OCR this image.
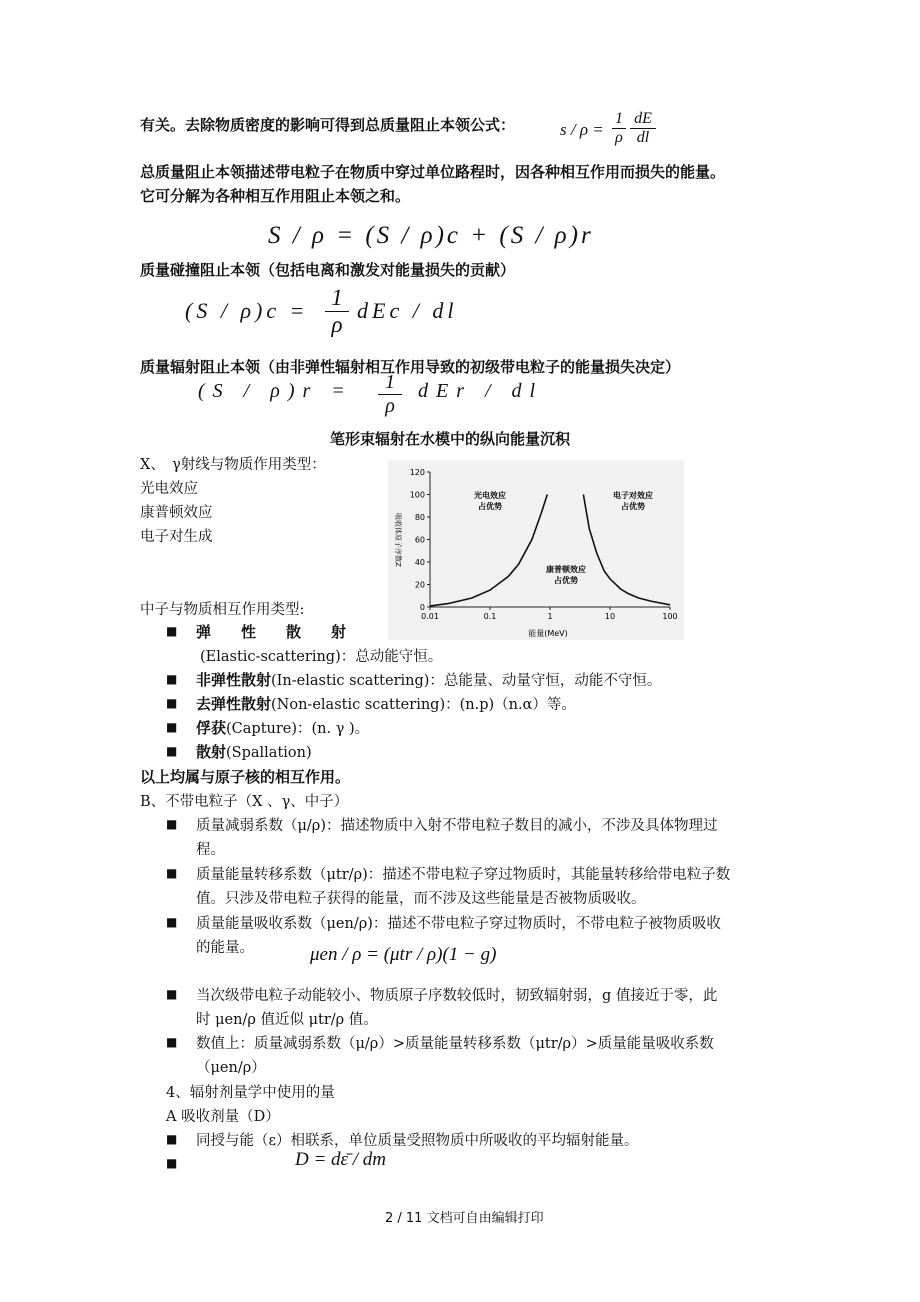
有关。去除物质密度的影响可得到总质量阻止本领公式：	$s / \rho = \frac{1}{\rho} \frac{dE}{dl}$
总质量阻止本领描述带电粒子在物质中穿过单位路程时，因各种相互作用而损失的能量。
它可分解为各种相互作用阻止本领之和。
S / ρ = (S / ρ)c + (S / ρ)r
质量碰撞阻止本领（包括电离和激发对能量损失的贡献）
$(S / \rho)c = \frac{1}{\rho}$ dEc / dl
质量辐射阻止本领（由非弹性辐射相互作用导致的初级带电粒子的能量损失决定）
$(S / \rho)r = \frac{1}{\rho}$ dEr / dl
笔形束辐射在水模中的纵向能量沉积
X、　γ射线与物质作用类型：
光电效应
康普顿效应
电子对生成
0
20
40
60
80
100
120
0.01	0.1	1	10	100
吸收体原子序数Z
能量(MeV)
光电效应
占优势
电子对效应
占优势
康普顿效应
占优势
中子与物质相互作用类型:
■ 弹　　性　　散　　射
(Elastic-scattering)：总动能守恒。
■ 非弹性散射(In-elastic scattering)：总能量、动量守恒，动能不守恒。
■ 去弹性散射(Non-elastic scattering)：(n.p)（n.α）等。
■ 俘获(Capture)：(n. γ )。
■ 散射(Spallation)
以上均属与原子核的相互作用。
B、不带电粒子（X 、γ、中子）
■ 质量减弱系数（μ/ρ)：描述物质中入射不带电粒子数目的减小，不涉及具体物理过
程。
■ 质量能量转移系数（μtr/ρ)：描述不带电粒子穿过物质时，其能量转移给带电粒子数
值。只涉及带电粒子获得的能量，而不涉及这些能量是否被物质吸收。
■ 质量能量吸收系数（μen/ρ)：描述不带电粒子穿过物质时，不带电粒子被物质吸收
的能量。	μen / ρ = (μtr / ρ)(1 − g)
■ 当次级带电粒子动能较小、物质原子序数较低时，韧致辐射弱，g 值接近于零，此
时 μen/ρ 值近似 μtr/ρ 值。
■ 数值上：质量减弱系数（μ/ρ）>质量能量转移系数（μtr/ρ）>质量能量吸收系数
（μen/ρ）
4、辐射剂量学中使用的量
A 吸收剂量（D）
■ 同授与能（ε）相联系，单位质量受照物质中所吸收的平均辐射能量。
■	D = dε̄ / dm
2 / 11 文档可自由编辑打印
